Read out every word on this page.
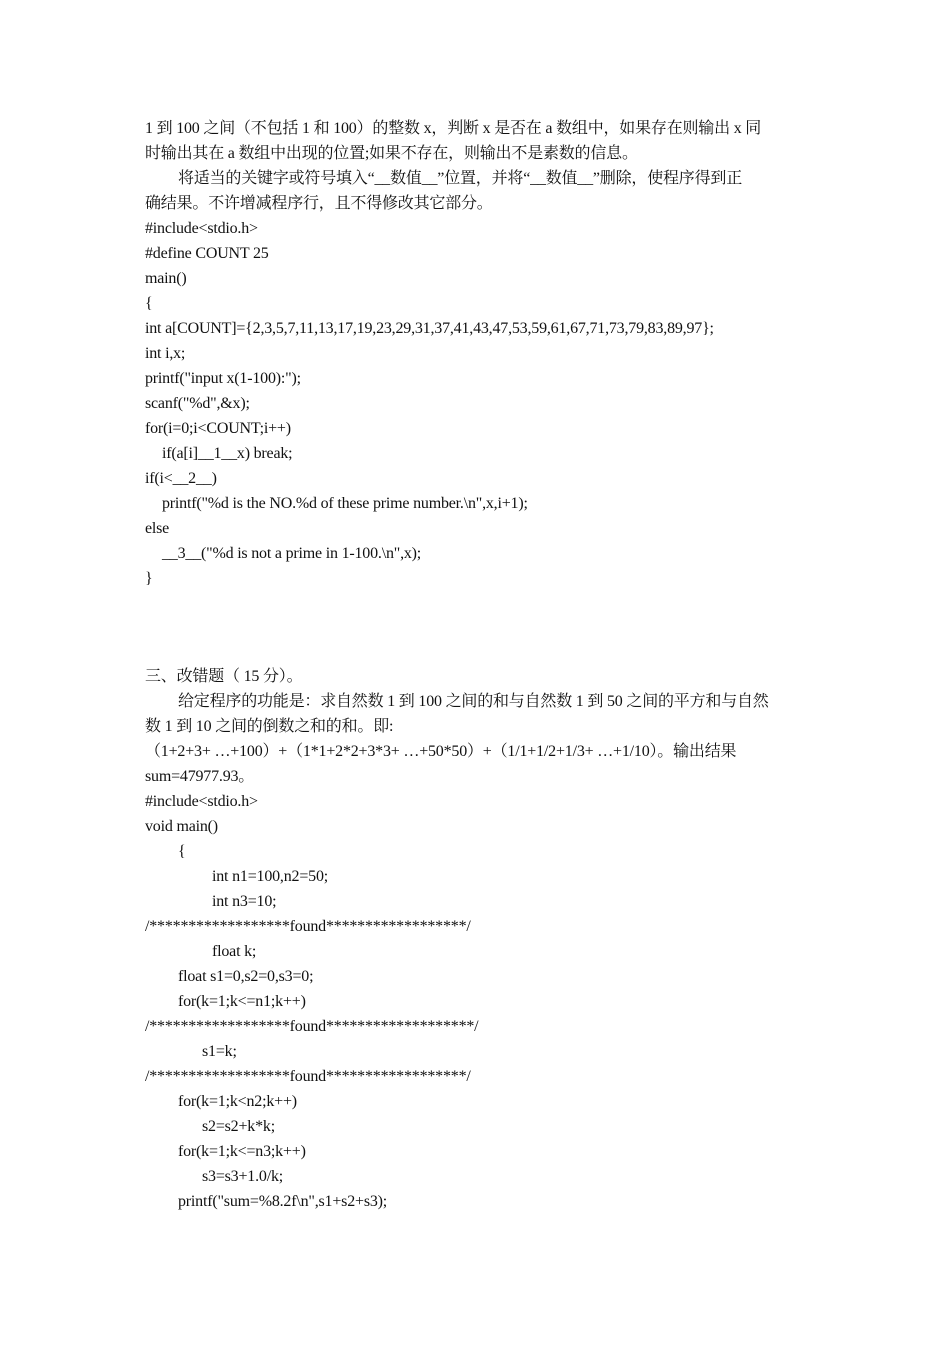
1 到 100 之间（不包括 1 和 100）的整数 x，判断 x 是否在 a 数组中，如果存在则输出 x 同
时输出其在 a 数组中出现的位置;如果不存在，则输出不是素数的信息。
将适当的关键字或符号填入“__数值__”位置，并将“__数值__”删除，使程序得到正
确结果。不许增减程序行，且不得修改其它部分。
#include<stdio.h>
#define COUNT 25
main()
{
int a[COUNT]={2,3,5,7,11,13,17,19,23,29,31,37,41,43,47,53,59,61,67,71,73,79,83,89,97};
int i,x;
printf("input x(1-100):");
scanf("%d",&x);
for(i=0;i<COUNT;i++)
if(a[i]__1__x) break;
if(i<__2__)
printf("%d is the NO.%d of these prime number.\n",x,i+1);
else
__3__("%d is not a prime in 1-100.\n",x);
}
三、改错题（ 15 分）。
给定程序的功能是：求自然数 1 到 100 之间的和与自然数 1 到 50 之间的平方和与自然
数 1 到 10 之间的倒数之和的和。即:
（1+2+3+ …+100）+（1*1+2*2+3*3+ …+50*50）+（1/1+1/2+1/3+ …+1/10）。输出结果
sum=47977.93。
#include<stdio.h>
void main()
{
int n1=100,n2=50;
int n3=10;
/******************found******************/
float k;
float s1=0,s2=0,s3=0;
for(k=1;k<=n1;k++)
/******************found*******************/
s1=k;
/******************found******************/
for(k=1;k<n2;k++)
s2=s2+k*k;
for(k=1;k<=n3;k++)
s3=s3+1.0/k;
printf("sum=%8.2f\n",s1+s2+s3);
